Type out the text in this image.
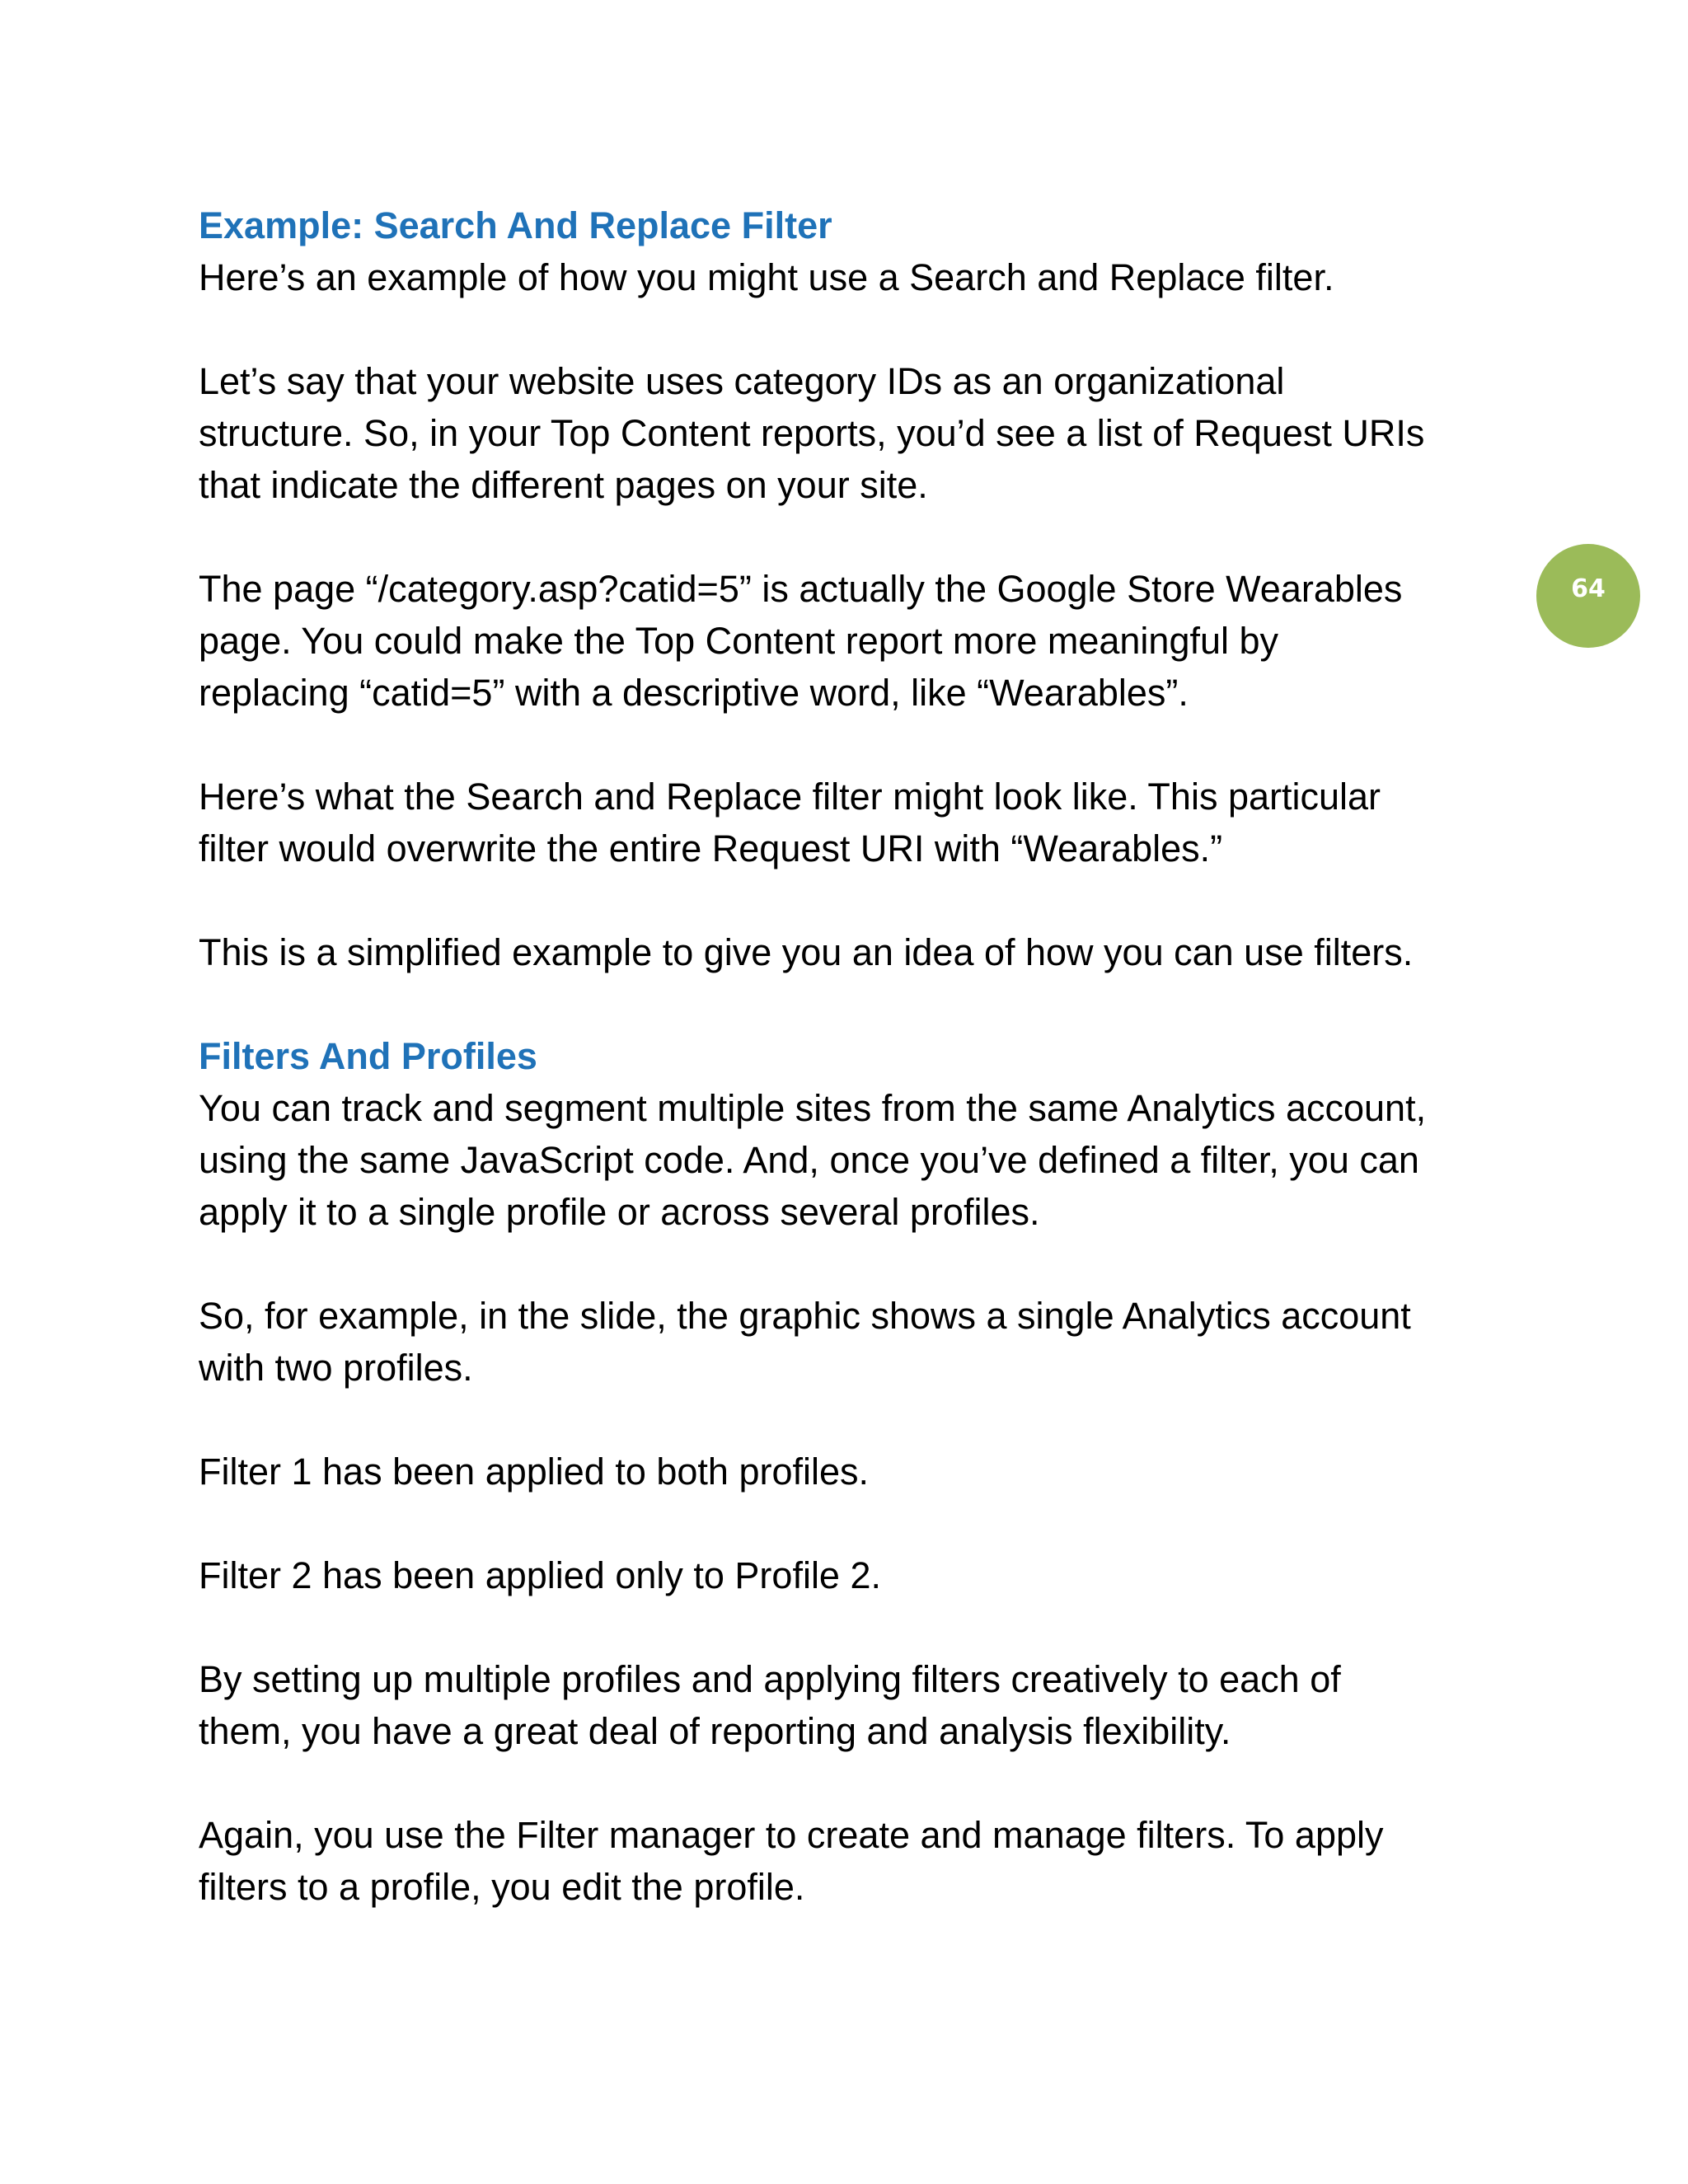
64
Example: Search And Replace Filter

Here’s an example of how you might use a Search and Replace filter.

Let’s say that your website uses category IDs as an organizational
structure. So, in your Top Content reports, you’d see a list of Request URIs
that indicate the different pages on your site.

The page “/category.asp?catid=5” is actually the Google Store Wearables
page. You could make the Top Content report more meaningful by
replacing “catid=5” with a descriptive word, like “Wearables”.

Here’s what the Search and Replace filter might look like. This particular
filter would overwrite the entire Request URI with “Wearables.”

This is a simplified example to give you an idea of how you can use filters.

Filters And Profiles

You can track and segment multiple sites from the same Analytics account,
using the same JavaScript code. And, once you’ve defined a filter, you can
apply it to a single profile or across several profiles.

So, for example, in the slide, the graphic shows a single Analytics account
with two profiles.

Filter 1 has been applied to both profiles.

Filter 2 has been applied only to Profile 2.

By setting up multiple profiles and applying filters creatively to each of
them, you have a great deal of reporting and analysis flexibility.

Again, you use the Filter manager to create and manage filters. To apply
filters to a profile, you edit the profile.
